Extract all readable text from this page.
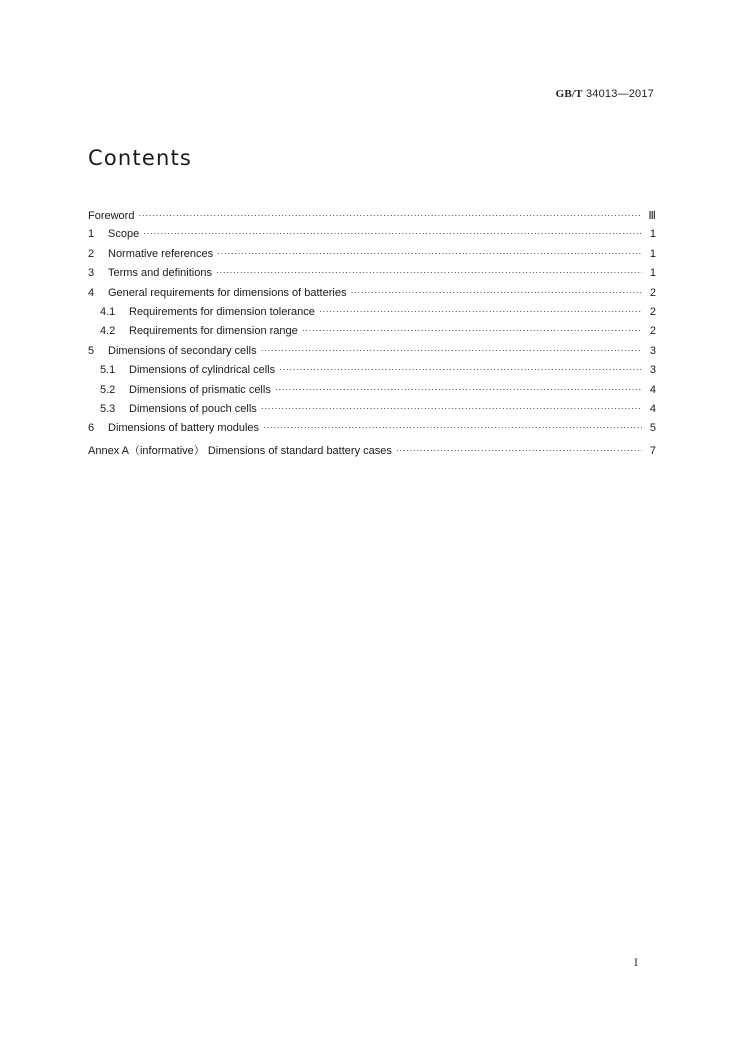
GB/T 34013—2017
Contents
Foreword ·····	Ⅲ
1	Scope ·····	1
2	Normative references ·····	1
3	Terms and definitions ·····	1
4	General requirements for dimensions of batteries ·····	2
4.1	Requirements for dimension tolerance ·····	2
4.2	Requirements for dimension range ·····	2
5	Dimensions of secondary cells ·····	3
5.1	Dimensions of cylindrical cells ·····	3
5.2	Dimensions of prismatic cells ·····	4
5.3	Dimensions of pouch cells ·····	4
6	Dimensions of battery modules ·····	5
Annex A（informative） Dimensions of standard battery cases ·····	7
I
